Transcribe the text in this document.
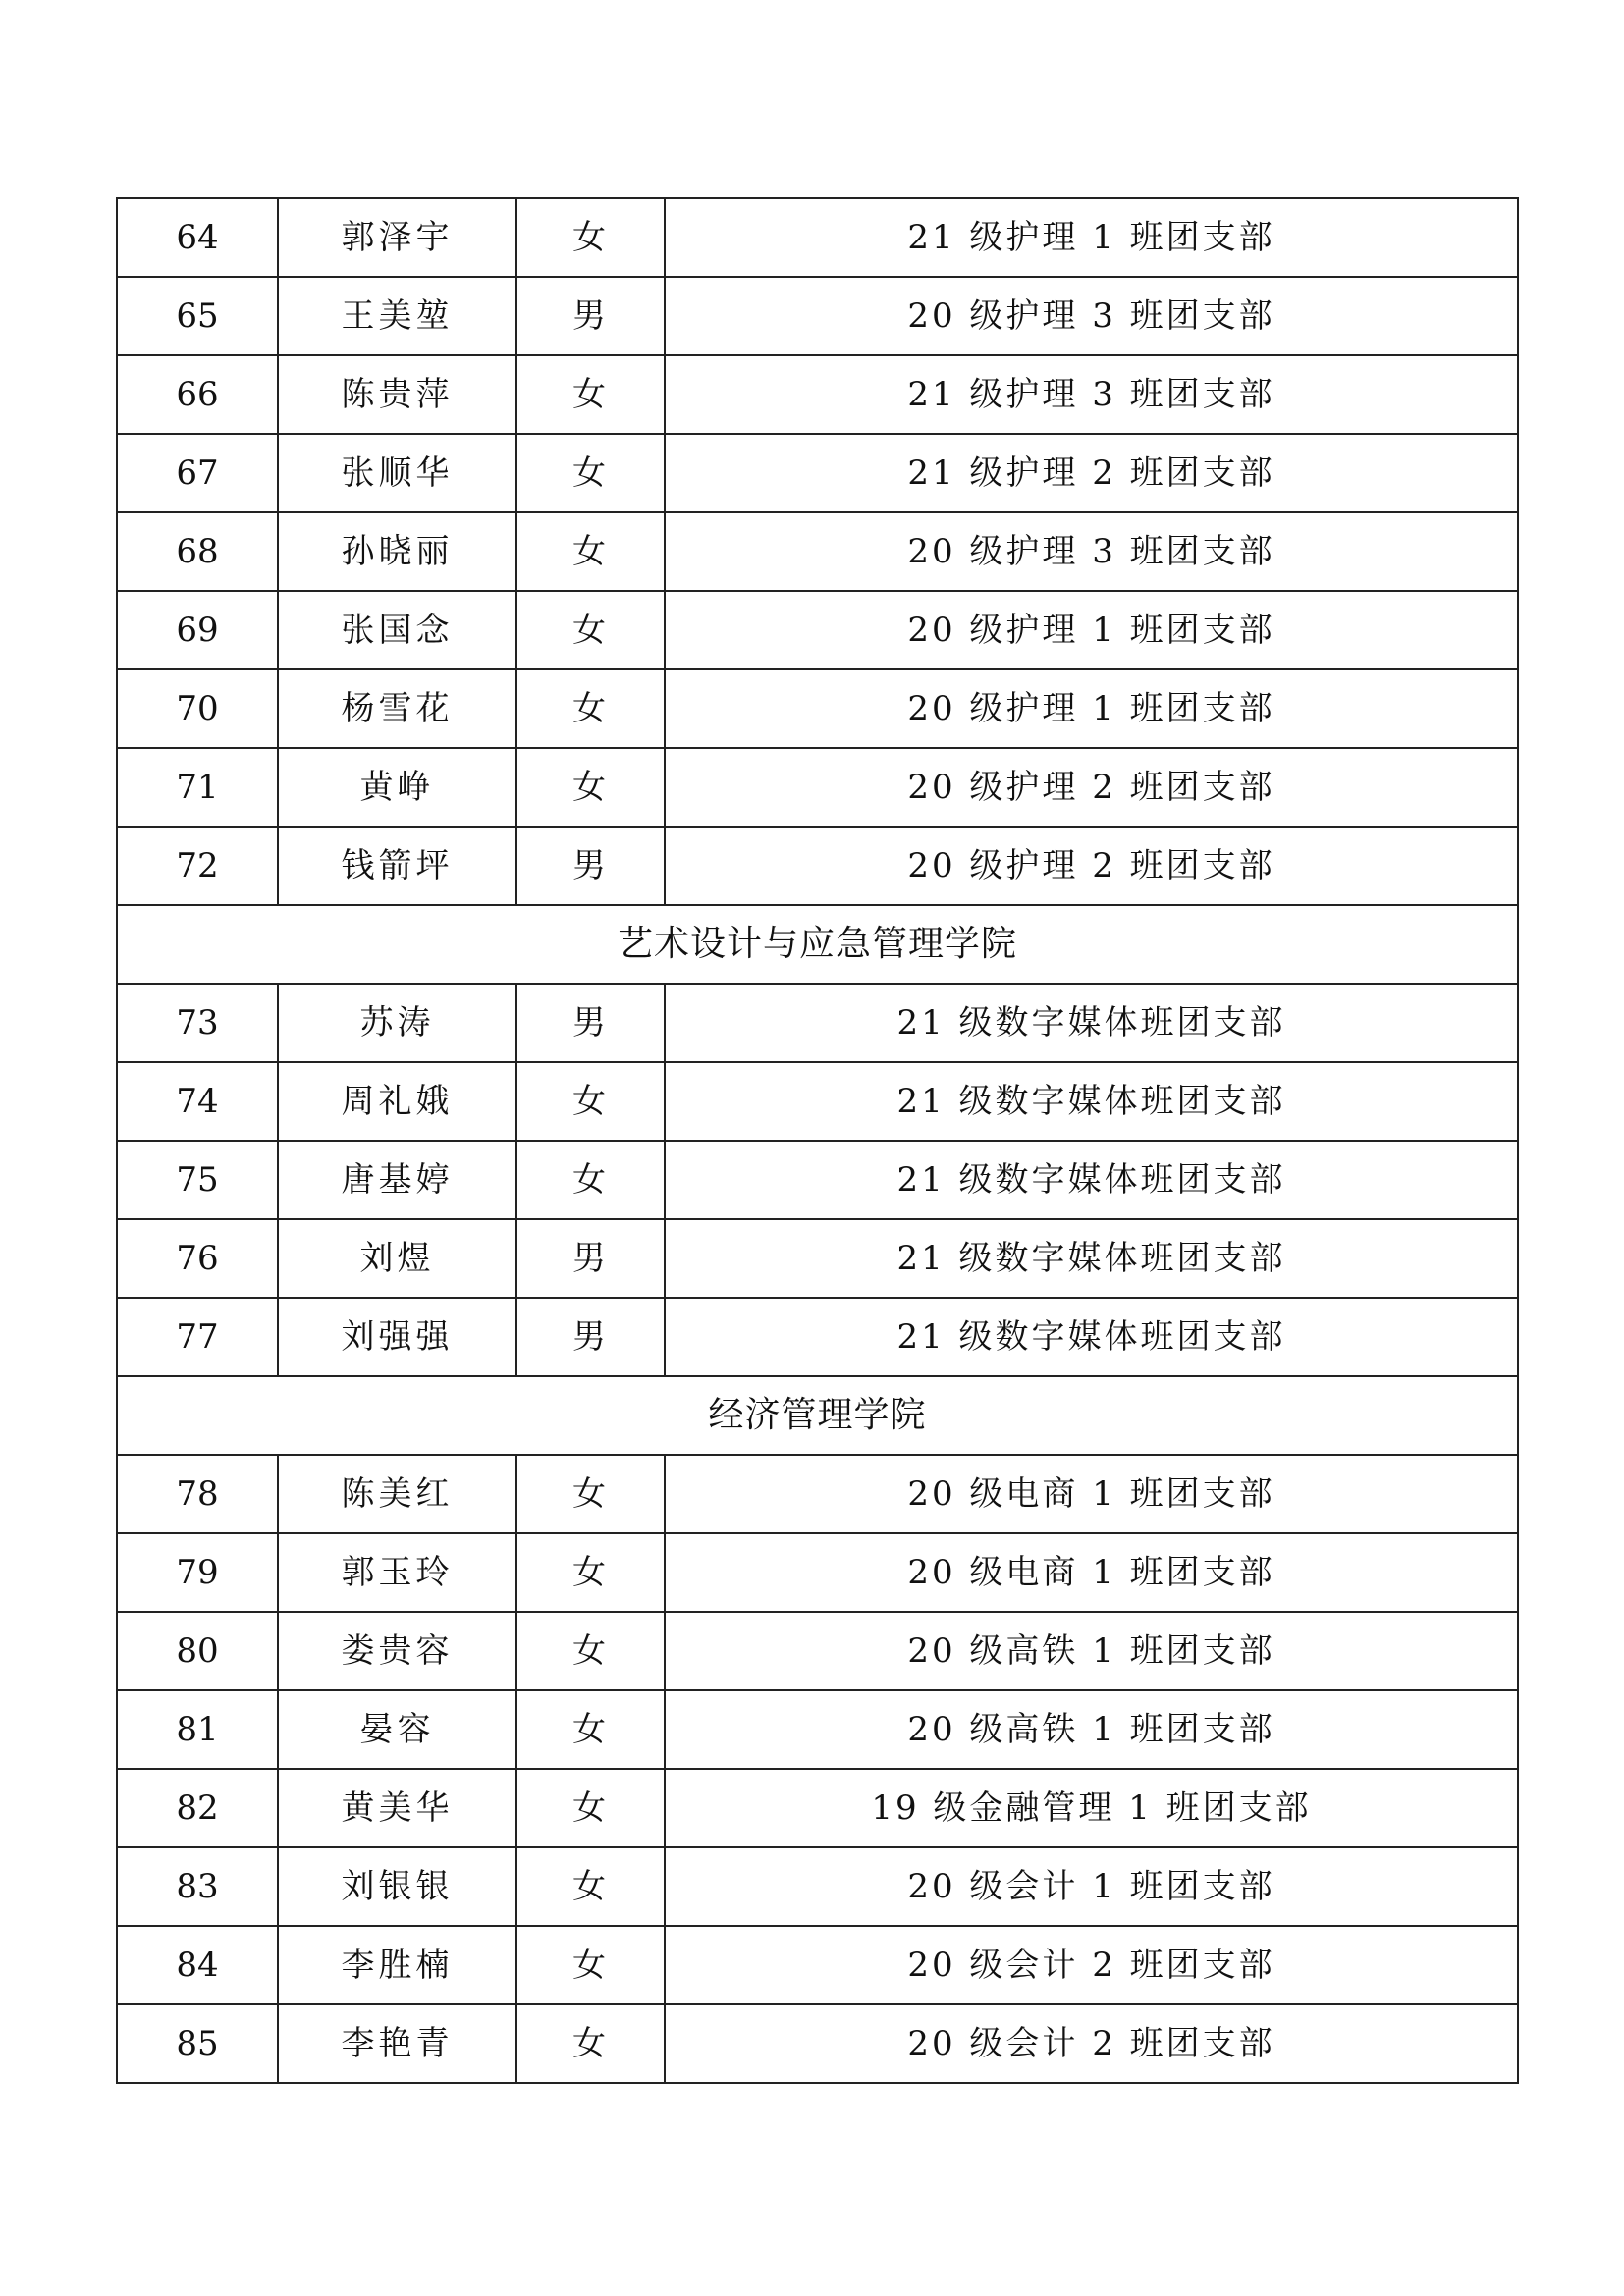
64	郭泽宇	女	21 级护理 1 班团支部
65	王美堃	男	20 级护理 3 班团支部
66	陈贵萍	女	21 级护理 3 班团支部
67	张顺华	女	21 级护理 2 班团支部
68	孙晓丽	女	20 级护理 3 班团支部
69	张国念	女	20 级护理 1 班团支部
70	杨雪花	女	20 级护理 1 班团支部
71	黄峥	女	20 级护理 2 班团支部
72	钱箭坪	男	20 级护理 2 班团支部
艺术设计与应急管理学院			
73	苏涛	男	21 级数字媒体班团支部
74	周礼娥	女	21 级数字媒体班团支部
75	唐基婷	女	21 级数字媒体班团支部
76	刘煜	男	21 级数字媒体班团支部
77	刘强强	男	21 级数字媒体班团支部
经济管理学院			
78	陈美红	女	20 级电商 1 班团支部
79	郭玉玲	女	20 级电商 1 班团支部
80	娄贵容	女	20 级高铁 1 班团支部
81	晏容	女	20 级高铁 1 班团支部
82	黄美华	女	19 级金融管理 1 班团支部
83	刘银银	女	20 级会计 1 班团支部
84	李胜楠	女	20 级会计 2 班团支部
85	李艳青	女	20 级会计 2 班团支部
